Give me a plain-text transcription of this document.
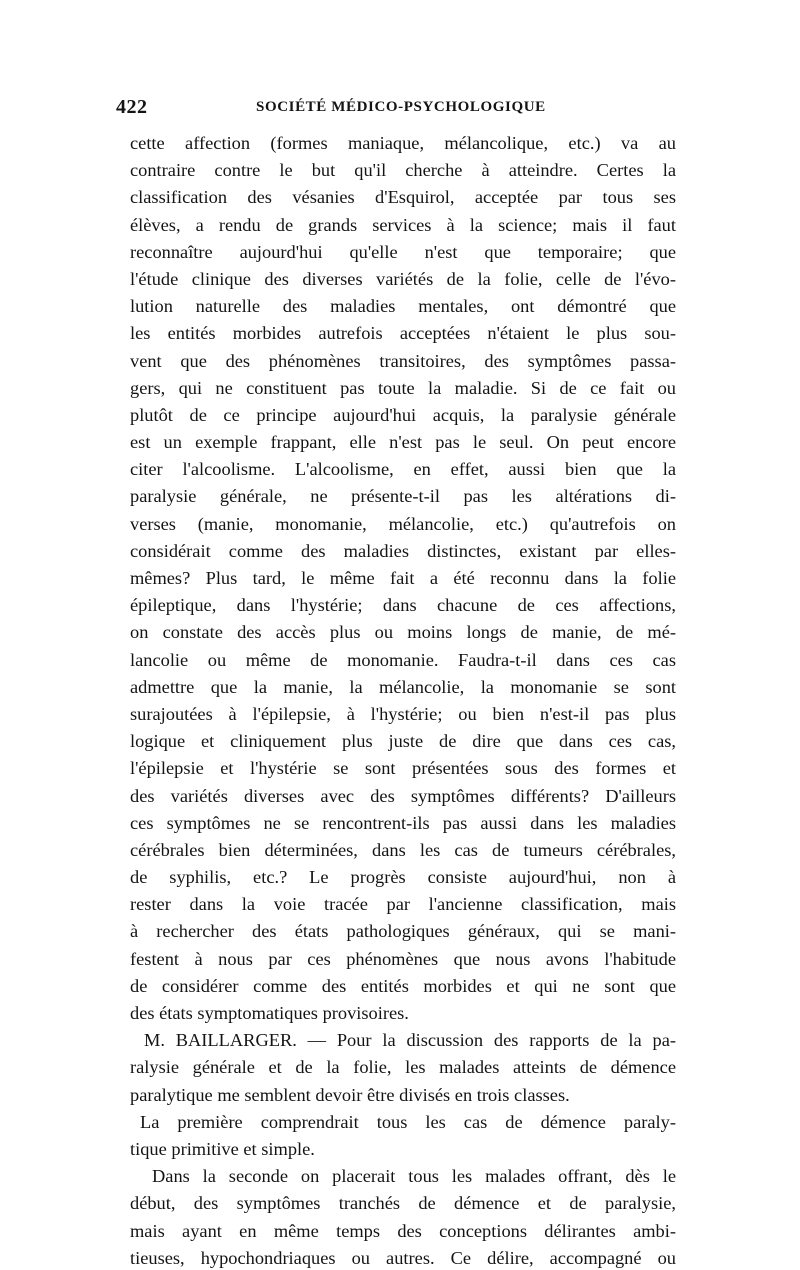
422	SOCIÉTÉ MÉDICO-PSYCHOLOGIQUE
cette affection (formes maniaque, mélancolique, etc.) va au
contraire contre le but qu'il cherche à atteindre. Certes la
classification des vésanies d'Esquirol, acceptée par tous ses
élèves, a rendu de grands services à la science; mais il faut
reconnaître aujourd'hui qu'elle n'est que temporaire; que
l'étude clinique des diverses variétés de la folie, celle de l'évo-
lution naturelle des maladies mentales, ont démontré que
les entités morbides autrefois acceptées n'étaient le plus sou-
vent que des phénomènes transitoires, des symptômes passa-
gers, qui ne constituent pas toute la maladie. Si de ce fait ou
plutôt de ce principe aujourd'hui acquis, la paralysie générale
est un exemple frappant, elle n'est pas le seul. On peut encore
citer l'alcoolisme. L'alcoolisme, en effet, aussi bien que la
paralysie générale, ne présente-t-il pas les altérations di-
verses (manie, monomanie, mélancolie, etc.) qu'autrefois on
considérait comme des maladies distinctes, existant par elles-
mêmes? Plus tard, le même fait a été reconnu dans la folie
épileptique, dans l'hystérie; dans chacune de ces affections,
on constate des accès plus ou moins longs de manie, de mé-
lancolie ou même de monomanie. Faudra-t-il dans ces cas
admettre que la manie, la mélancolie, la monomanie se sont
surajoutées à l'épilepsie, à l'hystérie; ou bien n'est-il pas plus
logique et cliniquement plus juste de dire que dans ces cas,
l'épilepsie et l'hystérie se sont présentées sous des formes et
des variétés diverses avec des symptômes différents? D'ailleurs
ces symptômes ne se rencontrent-ils pas aussi dans les maladies
cérébrales bien déterminées, dans les cas de tumeurs cérébrales,
de syphilis, etc.? Le progrès consiste aujourd'hui, non à
rester dans la voie tracée par l'ancienne classification, mais
à rechercher des états pathologiques généraux, qui se mani-
festent à nous par ces phénomènes que nous avons l'habitude
de considérer comme des entités morbides et qui ne sont que
des états symptomatiques provisoires.
M. BAILLARGER. — Pour la discussion des rapports de la pa-
ralysie générale et de la folie, les malades atteints de démence
paralytique me semblent devoir être divisés en trois classes.
La première comprendrait tous les cas de démence paraly-
tique primitive et simple.
Dans la seconde on placerait tous les malades offrant, dès le
début, des symptômes tranchés de démence et de paralysie,
mais ayant en même temps des conceptions délirantes ambi-
tieuses, hypochondriaques ou autres. Ce délire, accompagné ou
